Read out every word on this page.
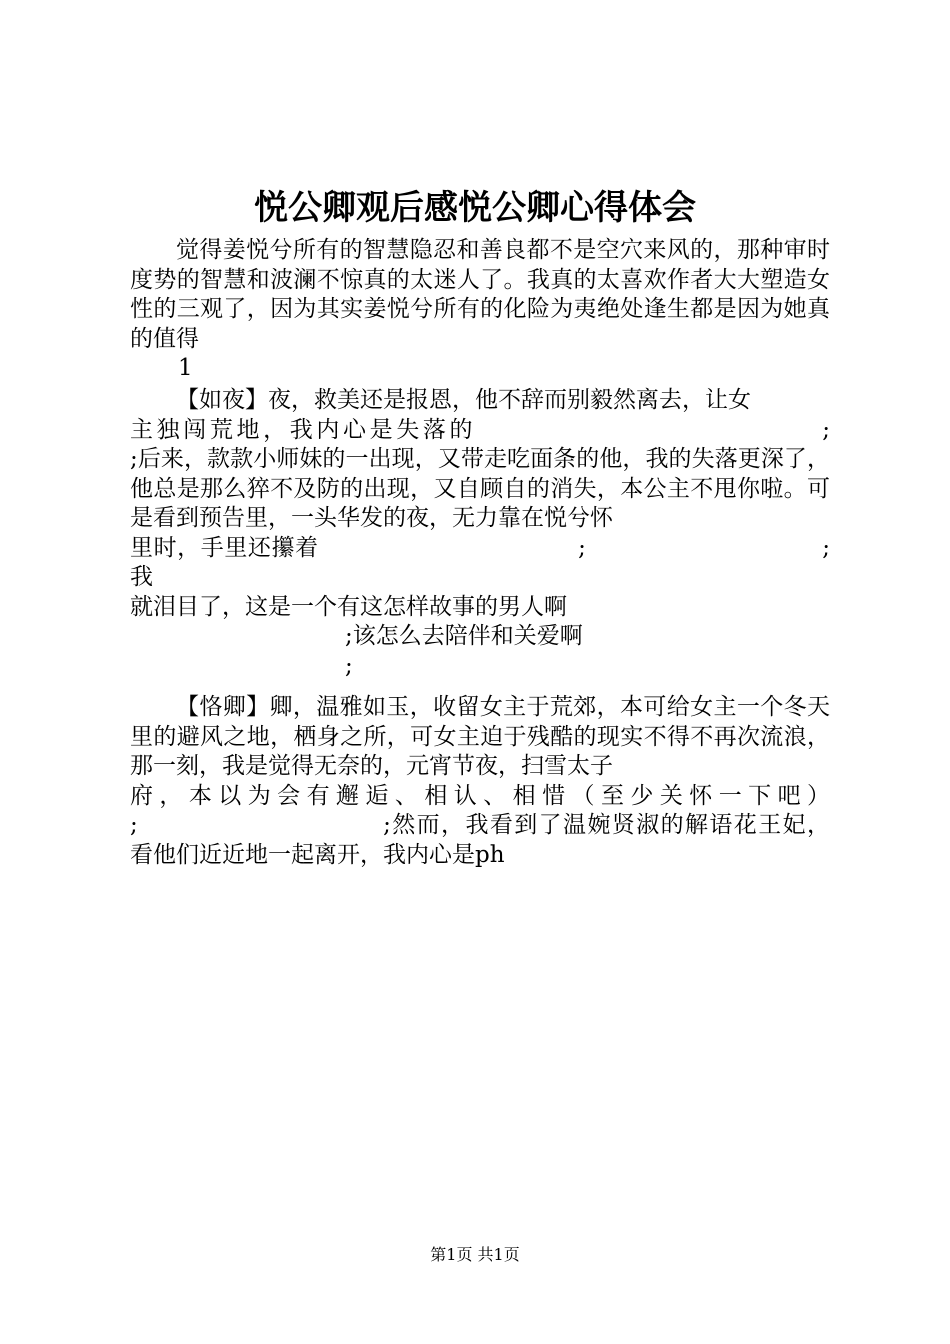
悦公卿观后感悦公卿心得体会

觉得姜悦兮所有的智慧隐忍和善良都不是空穴来风的，那种审时度势的智慧和波澜不惊真的太迷人了。我真的太喜欢作者大大塑造女性的三观了，因为其实姜悦兮所有的化险为夷绝处逢生都是因为她真的值得

1

【如夜】夜，救美还是报恩，他不辞而别毅然离去，让女

主独闯荒地，我内心是失落的　　　　　　　　　　　　　;

;后来，款款小师妹的一出现，又带走吃面条的他，我的失落更深了，他总是那么猝不及防的出现，又自顾自的消失，本公主不甩你啦。可是看到预告里，一头华发的夜，无力靠在悦兮怀

里时，手里还攥着　　　　　　　　　　　;　　　　　　　　　　;我

就泪目了，这是一个有这怎样故事的男人啊

;该怎么去陪伴和关爱啊

;

【恪卿】卿，温雅如玉，收留女主于荒郊，本可给女主一个冬天里的避风之地，栖身之所，可女主迫于残酷的现实不得不再次流浪，那一刻，我是觉得无奈的，元宵节夜，扫雪太子

府，本以为会有邂逅、相认、相惜（至少关怀一下吧）

;　　　　　　　　　　;然而，我看到了温婉贤淑的解语花王妃，

看他们近近地一起离开，我内心是ph

第1页 共1页
